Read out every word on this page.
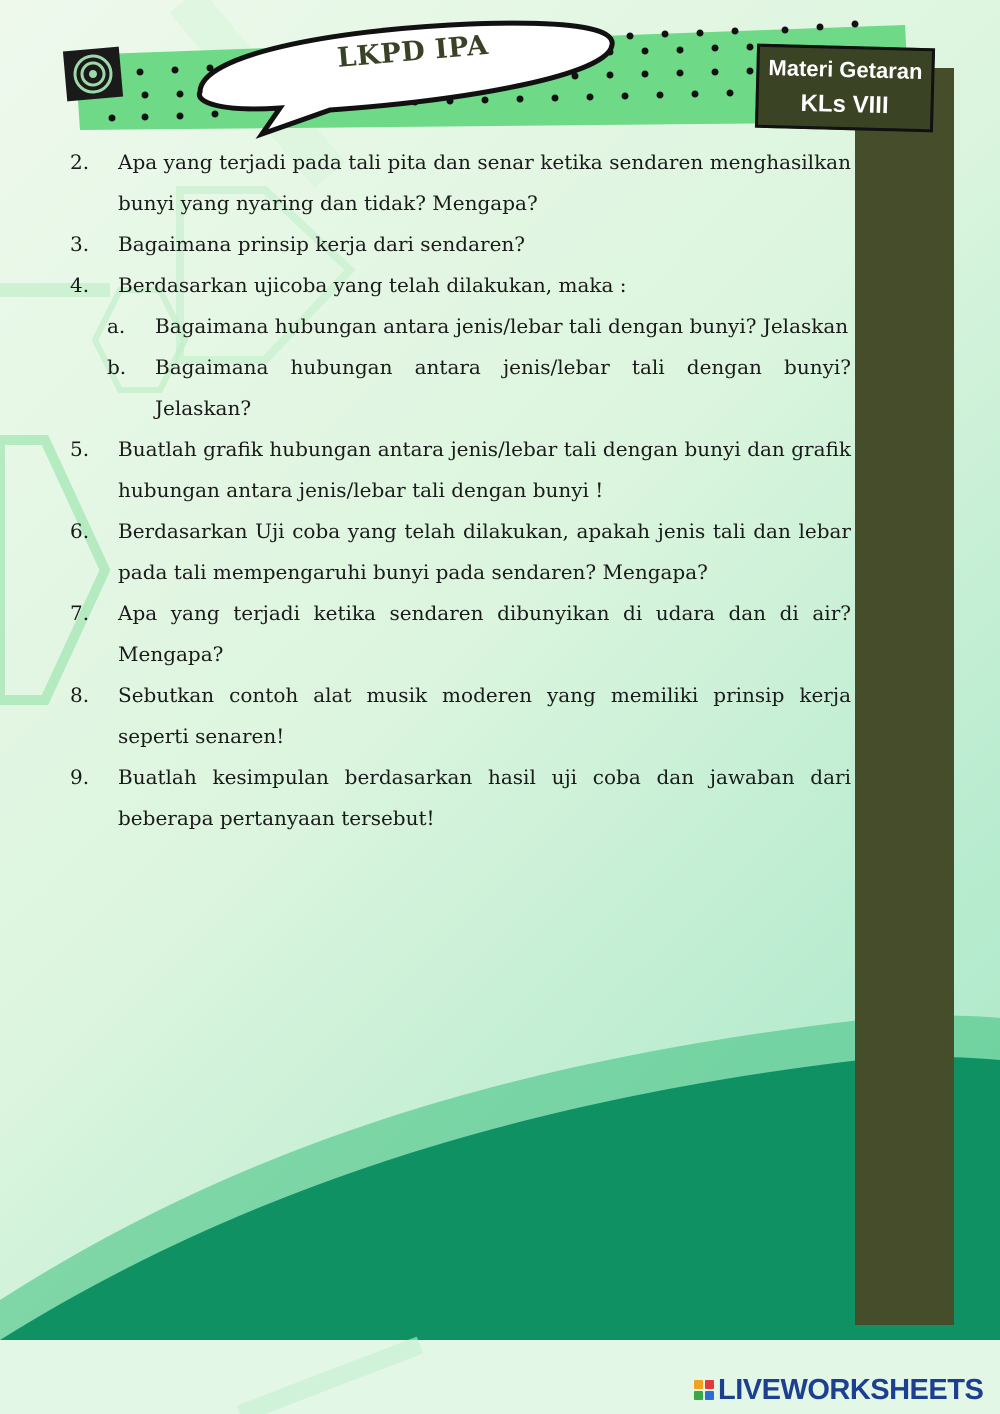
Materi Getaran
KLs VIII
LKPD IPA
2.	Apa yang terjadi pada tali pita dan senar ketika sendaren menghasilkan bunyi yang nyaring dan tidak? Mengapa?
3.	Bagaimana prinsip kerja dari sendaren?
4.	Berdasarkan ujicoba yang telah dilakukan, maka :
a.	Bagaimana hubungan antara jenis/lebar tali dengan bunyi? Jelaskan
b.	Bagaimana hubungan antara jenis/lebar tali dengan bunyi? Jelaskan?
5.	Buatlah grafik hubungan antara jenis/lebar tali dengan bunyi dan grafik hubungan antara jenis/lebar tali dengan bunyi !
6.	Berdasarkan Uji coba yang telah dilakukan, apakah jenis tali dan lebar pada tali mempengaruhi bunyi pada sendaren? Mengapa?
7.	Apa yang terjadi ketika sendaren dibunyikan di udara dan di air? Mengapa?
8.	Sebutkan contoh alat musik moderen yang memiliki prinsip kerja seperti senaren!
9.	Buatlah kesimpulan berdasarkan hasil uji coba dan jawaban dari beberapa pertanyaan tersebut!
LIVEWORKSHEETS
